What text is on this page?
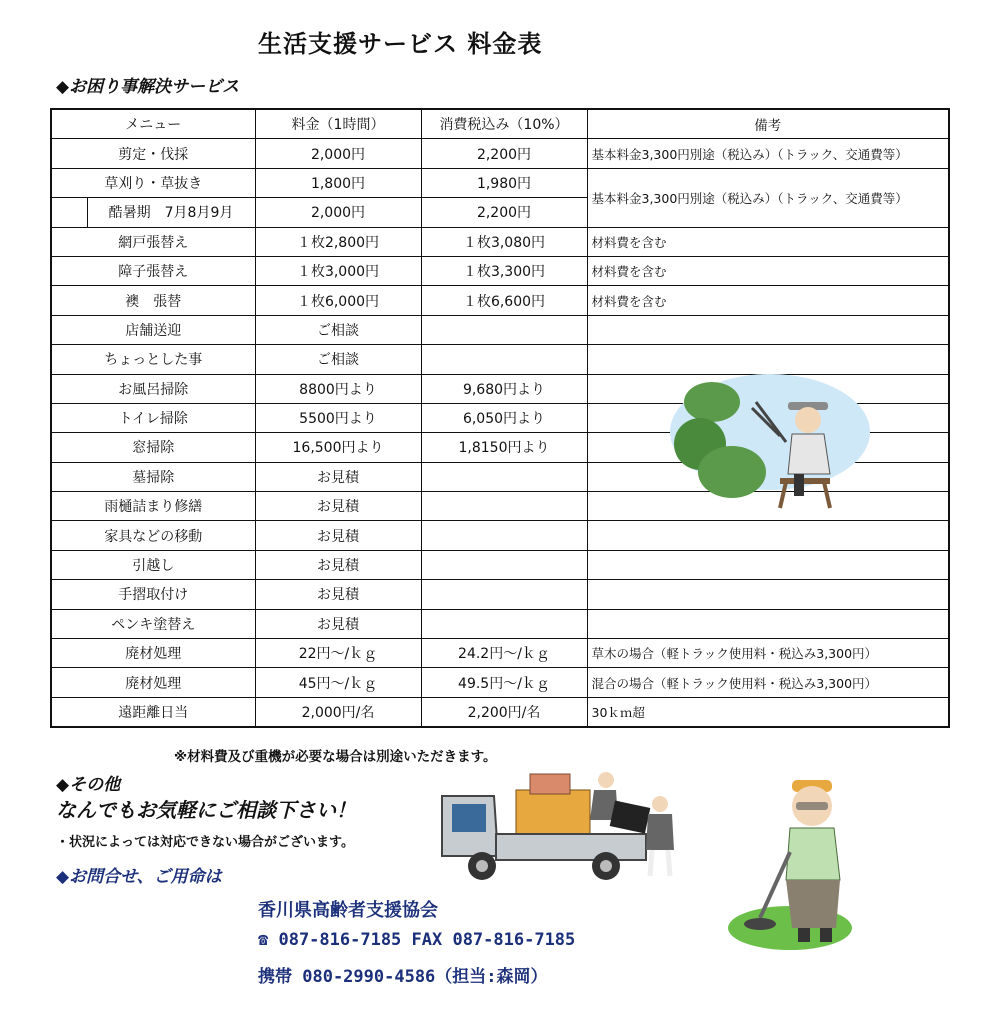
生活支援サービス 料金表
◆お困り事解決サービス
メニュー		料金（1時間）	消費税込み（10%）	備考
剪定・伐採		2,000円	2,200円	基本料金3,300円別途（税込み）（トラック、交通費等）
草刈り・草抜き		1,800円	1,980円	基本料金3,300円別途（税込み）（トラック、交通費等）
	酷暑期　7月8月9月	2,000円	2,200円	
網戸張替え		１枚2,800円	１枚3,080円	材料費を含む
障子張替え		１枚3,000円	１枚3,300円	材料費を含む
襖　張替		１枚6,000円	１枚6,600円	材料費を含む
店舗送迎		ご相談		
ちょっとした事		ご相談		
お風呂掃除		8800円より	9,680円より	
トイレ掃除		5500円より	6,050円より	
窓掃除		16,500円より	1,8150円より	
墓掃除		お見積		
雨樋詰まり修繕		お見積		
家具などの移動		お見積		
引越し		お見積		
手摺取付け		お見積		
ペンキ塗替え		お見積		
廃材処理		22円～/ｋｇ	24.2円～/ｋｇ	草木の場合（軽トラック使用料・税込み3,300円）
廃材処理		45円～/ｋｇ	49.5円～/ｋｇ	混合の場合（軽トラック使用料・税込み3,300円）
遠距離日当		2,000円/名	2,200円/名	30ｋｍ超
※材料費及び重機が必要な場合は別途いただきます。
◆その他
なんでもお気軽にご相談下さい！
・状況によっては対応できない場合がございます。
◆お問合せ、ご用命は
香川県高齢者支援協会
☎ 087-816-7185 FAX 087-816-7185
携帯 080-2990-4586（担当:森岡）
